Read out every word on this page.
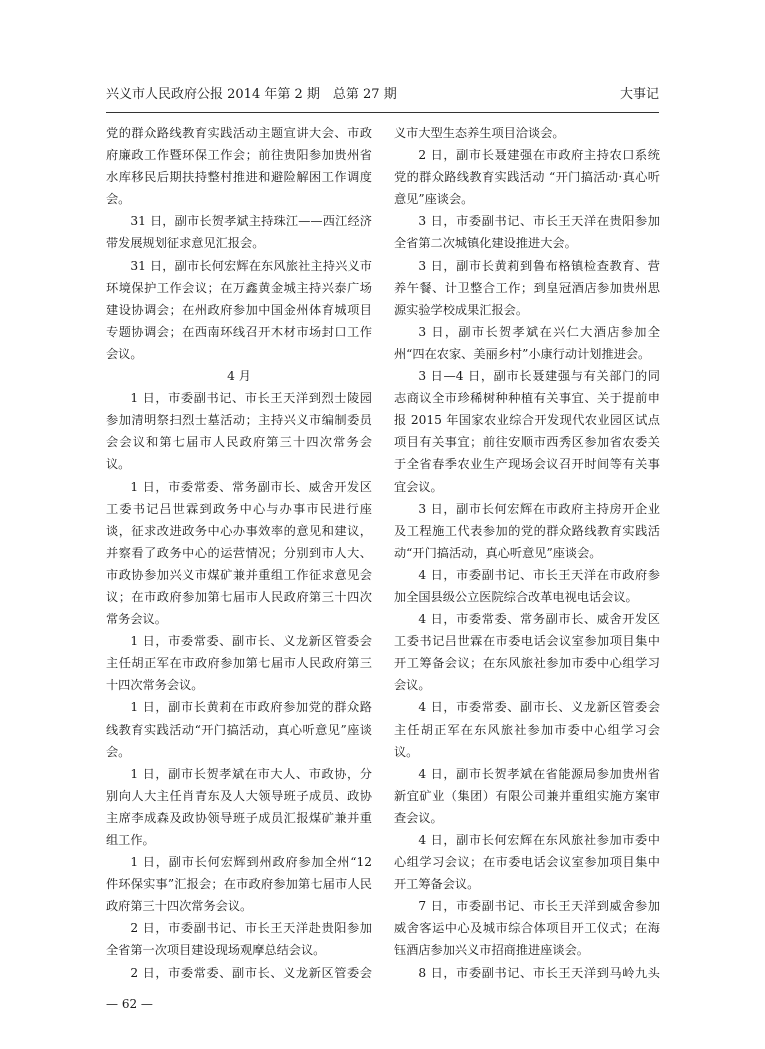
兴义市人民政府公报 2014 年第 2 期　总第 27 期	大事记

党的群众路线教育实践活动主题宣讲大会、市政府廉政工作暨环保工作会；前往贵阳参加贵州省水库移民后期扶持整村推进和避险解困工作调度会。

31 日，副市长贺孝斌主持珠江——西江经济带发展规划征求意见汇报会。

31 日，副市长何宏辉在东风旅社主持兴义市环境保护工作会议；在万鑫黄金城主持兴泰广场建设协调会；在州政府参加中国金州体育城项目专题协调会；在西南环线召开木材市场封口工作会议。

4 月

1 日，市委副书记、市长王天洋到烈士陵园参加清明祭扫烈士墓活动；主持兴义市编制委员会会议和第七届市人民政府第三十四次常务会议。

1 日，市委常委、常务副市长、威舍开发区工委书记吕世霖到政务中心与办事市民进行座谈，征求改进政务中心办事效率的意见和建议，并察看了政务中心的运营情况；分别到市人大、市政协参加兴义市煤矿兼并重组工作征求意见会议；在市政府参加第七届市人民政府第三十四次常务会议。

1 日，市委常委、副市长、义龙新区管委会主任胡正军在市政府参加第七届市人民政府第三十四次常务会议。

1 日，副市长黄莉在市政府参加党的群众路线教育实践活动“开门搞活动，真心听意见”座谈会。

1 日，副市长贺孝斌在市大人、市政协，分别向人大主任肖青东及人大领导班子成员、政协主席李成森及政协领导班子成员汇报煤矿兼并重组工作。

1 日，副市长何宏辉到州政府参加全州“12 件环保实事”汇报会；在市政府参加第七届市人民政府第三十四次常务会议。

2 日，市委副书记、市长王天洋赴贵阳参加全省第一次项目建设现场观摩总结会议。

2 日，市委常委、副市长、义龙新区管委会

义市大型生态养生项目洽谈会。

2 日，副市长聂建强在市政府主持农口系统党的群众路线教育实践活动 “开门搞活动·真心听意见”座谈会。

3 日，市委副书记、市长王天洋在贵阳参加全省第二次城镇化建设推进大会。

3 日，副市长黄莉到鲁布格镇检查教育、营养午餐、计卫整合工作；到皇冠酒店参加贵州思源实验学校成果汇报会。

3 日，副市长贺孝斌在兴仁大酒店参加全州“四在农家、美丽乡村”小康行动计划推进会。

3 日—4 日，副市长聂建强与有关部门的同志商议全市珍稀树种种植有关事宜、关于提前申报 2015 年国家农业综合开发现代农业园区试点项目有关事宜；前往安顺市西秀区参加省农委关于全省春季农业生产现场会议召开时间等有关事宜会议。

3 日，副市长何宏辉在市政府主持房开企业及工程施工代表参加的党的群众路线教育实践活动“开门搞活动，真心听意见”座谈会。

4 日，市委副书记、市长王天洋在市政府参加全国县级公立医院综合改革电视电话会议。

4 日，市委常委、常务副市长、威舍开发区工委书记吕世霖在市委电话会议室参加项目集中开工筹备会议；在东风旅社参加市委中心组学习会议。

4 日，市委常委、副市长、义龙新区管委会主任胡正军在东风旅社参加市委中心组学习会议。

4 日，副市长贺孝斌在省能源局参加贵州省新宜矿业（集团）有限公司兼并重组实施方案审查会议。

4 日，副市长何宏辉在东风旅社参加市委中心组学习会议；在市委电话会议室参加项目集中开工筹备会议。

7 日，市委副书记、市长王天洋到威舍参加威舍客运中心及城市综合体项目开工仪式；在海钰酒店参加兴义市招商推进座谈会。

8 日，市委副书记、市长王天洋到马岭九头

— 62 —
